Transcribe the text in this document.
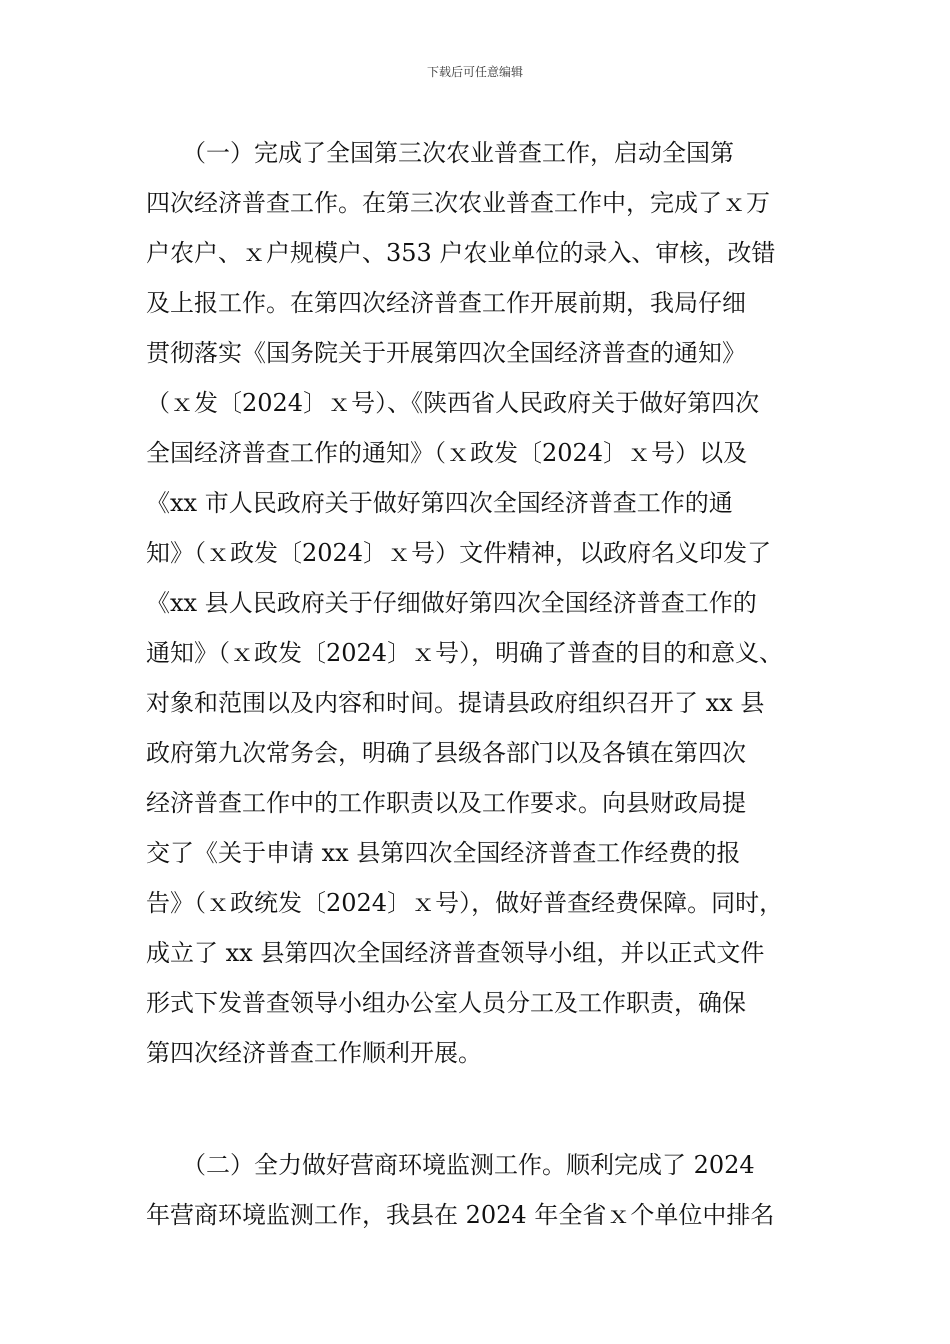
下载后可任意编辑
　　（一）完成了全国第三次农业普查工作，启动全国第
四次经济普查工作。在第三次农业普查工作中，完成了ｘ万
户农户、ｘ户规模户、353 户农业单位的录入、审核，改错
及上报工作。在第四次经济普查工作开展前期，我局仔细
贯彻落实《国务院关于开展第四次全国经济普查的通知》
（ｘ发〔2024〕ｘ号）、《陕西省人民政府关于做好第四次
全国经济普查工作的通知》（ｘ政发〔2024〕ｘ号）以及
《xx 市人民政府关于做好第四次全国经济普查工作的通
知》（ｘ政发〔2024〕ｘ号）文件精神，以政府名义印发了
《xx 县人民政府关于仔细做好第四次全国经济普查工作的
通知》（ｘ政发〔2024〕ｘ号），明确了普查的目的和意义、
对象和范围以及内容和时间。提请县政府组织召开了 xx 县
政府第九次常务会，明确了县级各部门以及各镇在第四次
经济普查工作中的工作职责以及工作要求。向县财政局提
交了《关于申请 xx 县第四次全国经济普查工作经费的报
告》（ｘ政统发〔2024〕ｘ号），做好普查经费保障。同时，
成立了 xx 县第四次全国经济普查领导小组，并以正式文件
形式下发普查领导小组办公室人员分工及工作职责，确保
第四次经济普查工作顺利开展。
　　（二）全力做好营商环境监测工作。顺利完成了 2024
年营商环境监测工作，我县在 2024 年全省ｘ个单位中排名
